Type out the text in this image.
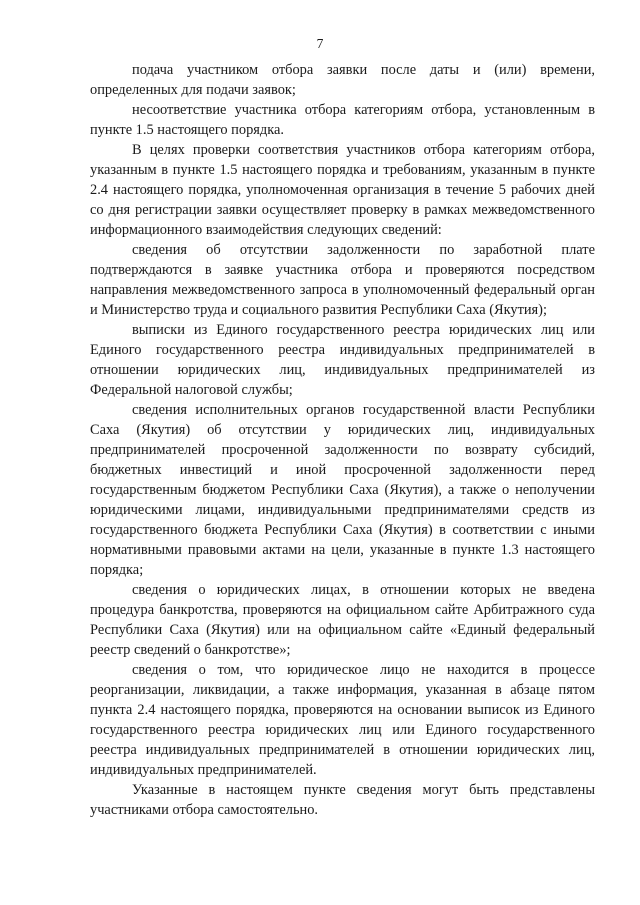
7

подача участником отбора заявки после даты и (или) времени, определенных для подачи заявок;

несоответствие участника отбора категориям отбора, установленным в пункте 1.5 настоящего порядка.

В целях проверки соответствия участников отбора категориям отбора, указанным в пункте 1.5 настоящего порядка и требованиям, указанным в пункте 2.4 настоящего порядка, уполномоченная организация в течение 5 рабочих дней со дня регистрации заявки осуществляет проверку в рамках межведомственного информационного взаимодействия следующих сведений:

сведения об отсутствии задолженности по заработной плате подтверждаются в заявке участника отбора и проверяются посредством направления межведомственного запроса в уполномоченный федеральный орган и Министерство труда и социального развития Республики Саха (Якутия);

выписки из Единого государственного реестра юридических лиц или Единого государственного реестра индивидуальных предпринимателей в отношении юридических лиц, индивидуальных предпринимателей из Федеральной налоговой службы;

сведения исполнительных органов государственной власти Республики Саха (Якутия) об отсутствии у юридических лиц, индивидуальных предпринимателей просроченной задолженности по возврату субсидий, бюджетных инвестиций и иной просроченной задолженности перед государственным бюджетом Республики Саха (Якутия), а также о неполучении юридическими лицами, индивидуальными предпринимателями средств из государственного бюджета Республики Саха (Якутия) в соответствии с иными нормативными правовыми актами на цели, указанные в пункте 1.3 настоящего порядка;

сведения о юридических лицах, в отношении которых не введена процедура банкротства, проверяются на официальном сайте Арбитражного суда Республики Саха (Якутия) или на официальном сайте «Единый федеральный реестр сведений о банкротстве»;

сведения о том, что юридическое лицо не находится в процессе реорганизации, ликвидации, а также информация, указанная в абзаце пятом пункта 2.4 настоящего порядка, проверяются на основании выписок из Единого государственного реестра юридических лиц или Единого государственного реестра индивидуальных предпринимателей в отношении юридических лиц, индивидуальных предпринимателей.

Указанные в настоящем пункте сведения могут быть представлены участниками отбора самостоятельно.
